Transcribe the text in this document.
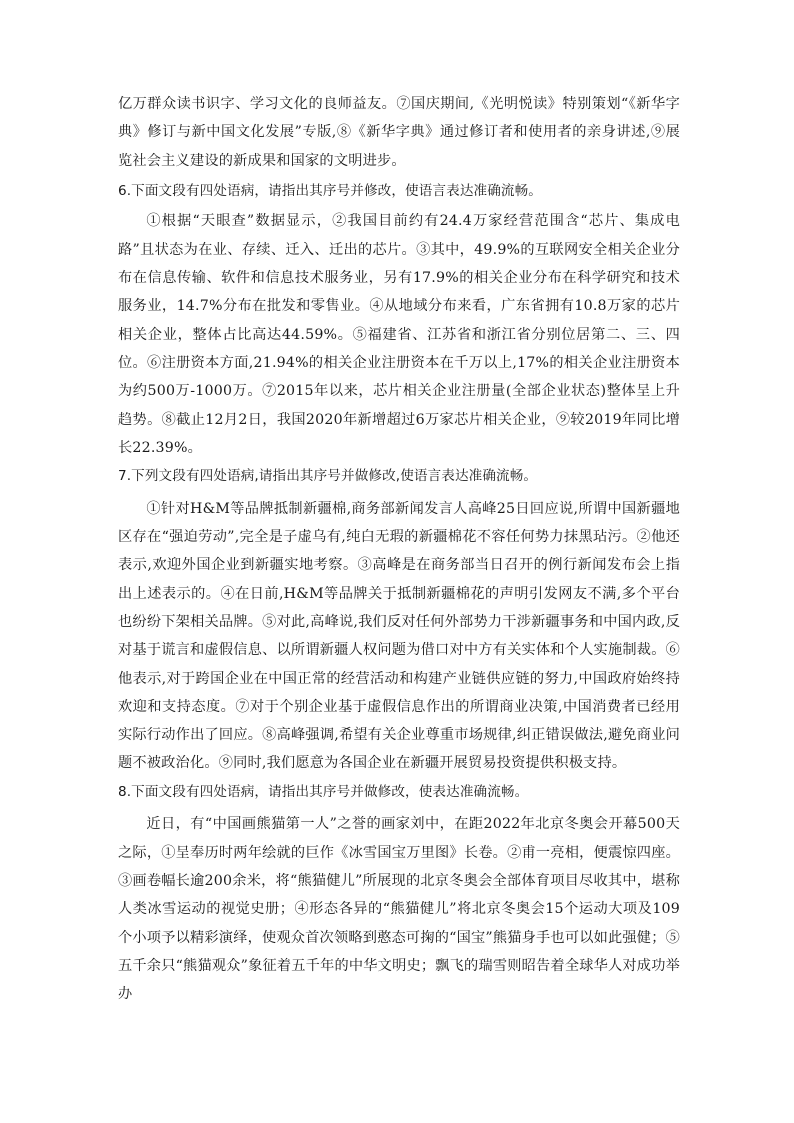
亿万群众读书识字、学习文化的良师益友。⑦国庆期间,《光明悦读》特别策划“《新华字典》修订与新中国文化发展”专版,⑧《新华字典》通过修订者和使用者的亲身讲述,⑨展览社会主义建设的新成果和国家的文明进步。

6.下面文段有四处语病，请指出其序号并修改，使语言表达准确流畅。

①根据“天眼查”数据显示，②我国目前约有24.4万家经营范围含“芯片、集成电路”且状态为在业、存续、迁入、迁出的芯片。③其中，49.9%的互联网安全相关企业分布在信息传输、软件和信息技术服务业，另有17.9%的相关企业分布在科学研究和技术服务业，14.7%分布在批发和零售业。④从地域分布来看，广东省拥有10.8万家的芯片相关企业，整体占比高达44.59%。⑤福建省、江苏省和浙江省分别位居第二、三、四位。⑥注册资本方面,21.94%的相关企业注册资本在千万以上,17%的相关企业注册资本为约500万-1000万。⑦2015年以来，芯片相关企业注册量(全部企业状态)整体呈上升趋势。⑧截止12月2日，我国2020年新增超过6万家芯片相关企业，⑨较2019年同比增长22.39%。

7.下列文段有四处语病,请指出其序号并做修改,使语言表达准确流畅。

①针对H&M等品牌抵制新疆棉,商务部新闻发言人高峰25日回应说,所谓中国新疆地区存在“强迫劳动”,完全是子虚乌有,纯白无瑕的新疆棉花不容任何势力抹黑玷污。②他还表示,欢迎外国企业到新疆实地考察。③高峰是在商务部当日召开的例行新闻发布会上指出上述表示的。④在日前,H&M等品牌关于抵制新疆棉花的声明引发网友不满,多个平台也纷纷下架相关品牌。⑤对此,高峰说,我们反对任何外部势力干涉新疆事务和中国内政,反对基于谎言和虚假信息、以所谓新疆人权问题为借口对中方有关实体和个人实施制裁。⑥他表示,对于跨国企业在中国正常的经营活动和构建产业链供应链的努力,中国政府始终持欢迎和支持态度。⑦对于个别企业基于虚假信息作出的所谓商业决策,中国消费者已经用实际行动作出了回应。⑧高峰强调,希望有关企业尊重市场规律,纠正错误做法,避免商业问题不被政治化。⑨同时,我们愿意为各国企业在新疆开展贸易投资提供积极支持。

8.下面文段有四处语病，请指出其序号并做修改，使表达准确流畅。

近日，有“中国画熊猫第一人”之誉的画家刘中，在距2022年北京冬奥会开幕500天之际，①呈奉历时两年绘就的巨作《冰雪国宝万里图》长卷。②甫一亮相，便震惊四座。③画卷幅长逾200余米，将“熊猫健儿”所展现的北京冬奥会全部体育项目尽收其中，堪称人类冰雪运动的视觉史册；④形态各异的“熊猫健儿”将北京冬奥会15个运动大项及109个小项予以精彩演绎，使观众首次领略到憨态可掬的“国宝”熊猫身手也可以如此强健；⑤五千余只“熊猫观众”象征着五千年的中华文明史；飘飞的瑞雪则昭告着全球华人对成功举办
